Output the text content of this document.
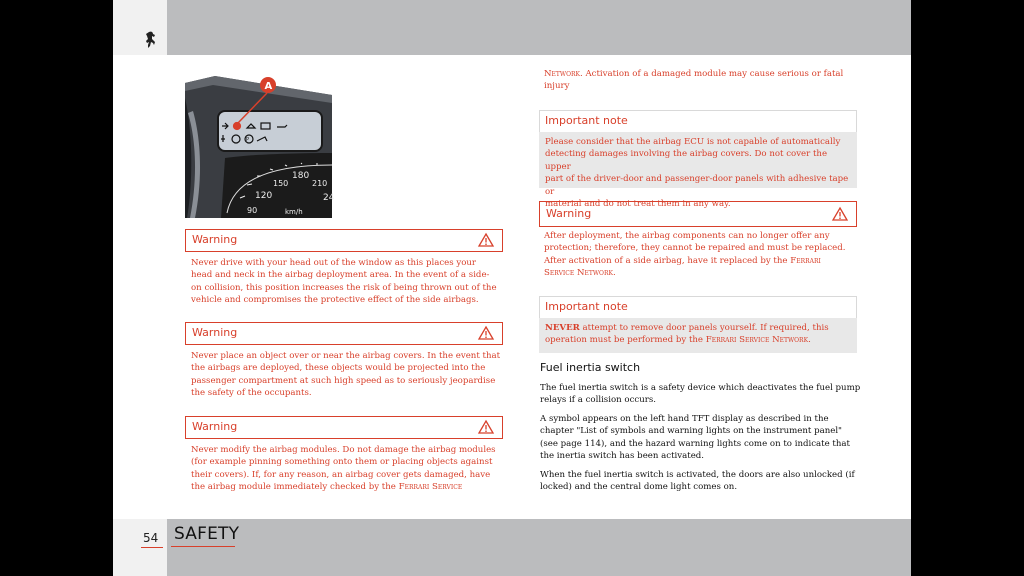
150
180
210
120	24
90	km/h
P
A
Warning
Never drive with your head out of the window as this places your
head and neck in the airbag deployment area. In the event of a side-
on collision, this position increases the risk of being thrown out of the
vehicle and compromises the protective effect of the side airbags.
Warning
Never place an object over or near the airbag covers. In the event that
the airbags are deployed, these objects would be projected into the
passenger compartment at such high speed as to seriously jeopardise
the safety of the occupants.
Warning
Never modify the airbag modules. Do not damage the airbag modules
(for example pinning something onto them or placing objects against
their covers). If, for any reason, an airbag cover gets damaged, have
the airbag module immediately checked by the Ferrari Service
Network. Activation of a damaged module may cause serious or fatal
injury
Important note
Please consider that the airbag ECU is not capable of automatically
detecting damages involving the airbag covers. Do not cover the upper
part of the driver-door and passenger-door panels with adhesive tape or
material and do not treat them in any way.
Warning
After deployment, the airbag components can no longer offer any
protection; therefore, they cannot be repaired and must be replaced.
After activation of a side airbag, have it replaced by the Ferrari
Service Network.
Important note
NEVER attempt to remove door panels yourself. If required, this
operation must be performed by the Ferrari Service Network.
Fuel inertia switch
The fuel inertia switch is a safety device which deactivates the fuel pump
relays if a collision occurs.
A symbol appears on the left hand TFT display as described in the
chapter "List of symbols and warning lights on the instrument panel"
(see page 114), and the hazard warning lights come on to indicate that
the inertia switch has been activated.
When the fuel inertia switch is activated, the doors are also unlocked (if
locked) and the central dome light comes on.
54 SAFETY
